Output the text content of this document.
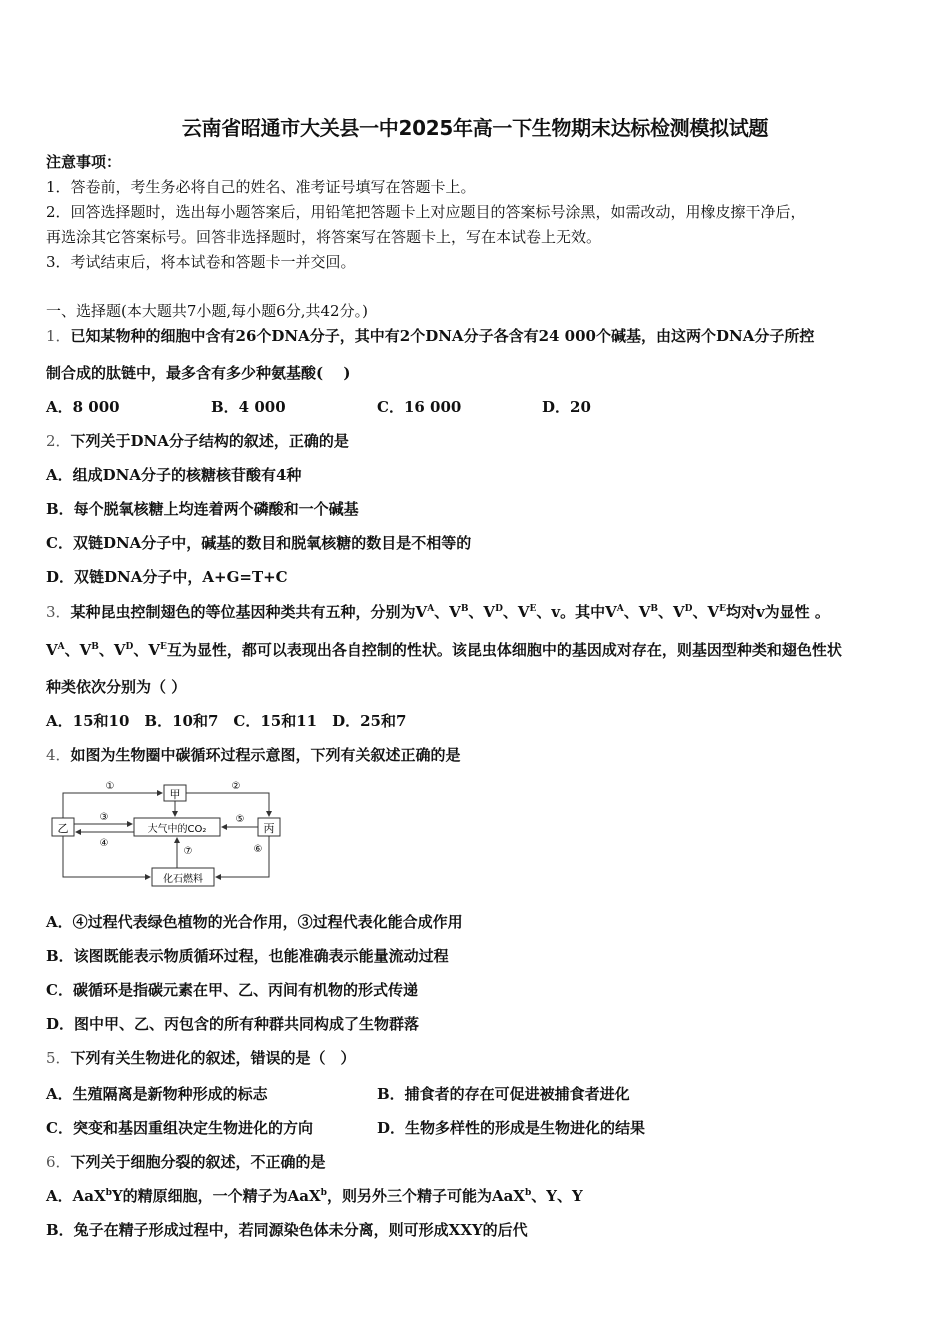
云南省昭通市大关县一中2025年高一下生物期末达标检测模拟试题
注意事项：
1．答卷前，考生务必将自己的姓名、准考证号填写在答题卡上。
2．回答选择题时，选出每小题答案后，用铅笔把答题卡上对应题目的答案标号涂黑，如需改动，用橡皮擦干净后，
再选涂其它答案标号。回答非选择题时，将答案写在答题卡上，写在本试卷上无效。
3．考试结束后，将本试卷和答题卡一并交回。
一、选择题(本大题共7小题,每小题6分,共42分。)
1．已知某物种的细胞中含有26个DNA分子，其中有2个DNA分子各含有24 000个碱基，由这两个DNA分子所控
制合成的肽链中，最多含有多少种氨基酸(　 )
A．8 000	B．4 000	C．16 000	D．20
2．下列关于DNA分子结构的叙述，正确的是
A．组成DNA分子的核糖核苷酸有4种
B．每个脱氧核糖上均连着两个磷酸和一个碱基
C．双链DNA分子中，碱基的数目和脱氧核糖的数目是不相等的
D．双链DNA分子中，A+G=T+C
3．某种昆虫控制翅色的等位基因种类共有五种，分别为$V^A$、$V^B$、$V^D$、$V^E$、v。其中$V^A$、$V^B$、$V^D$、$V^E$均对v为显性 。
$V^A$、$V^B$、$V^D$、$V^E$互为显性，都可以表现出各自控制的性状。该昆虫体细胞中的基因成对存在，则基因型种类和翅色性状
种类依次分别为（ ）
A．15和10　B．10和7　C．15和11　D．25和7
4．如图为生物圈中碳循环过程示意图，下列有关叙述正确的是
甲
乙	丙
大气中的CO₂
化石燃料
①	②
③
④
⑤
⑦	⑥
A．④过程代表绿色植物的光合作用，③过程代表化能合成作用
B．该图既能表示物质循环过程，也能准确表示能量流动过程
C．碳循环是指碳元素在甲、乙、丙间有机物的形式传递
D．图中甲、乙、丙包含的所有种群共同构成了生物群落
5．下列有关生物进化的叙述，错误的是（　）
A．生殖隔离是新物种形成的标志	B．捕食者的存在可促进被捕食者进化
C．突变和基因重组决定生物进化的方向	D．生物多样性的形成是生物进化的结果
6．下列关于细胞分裂的叙述，不正确的是
A．AaX$^b$Y的精原细胞，一个精子为AaX$^b$，则另外三个精子可能为AaX$^b$、Y、Y
B．兔子在精子形成过程中，若同源染色体未分离，则可形成XXY的后代
